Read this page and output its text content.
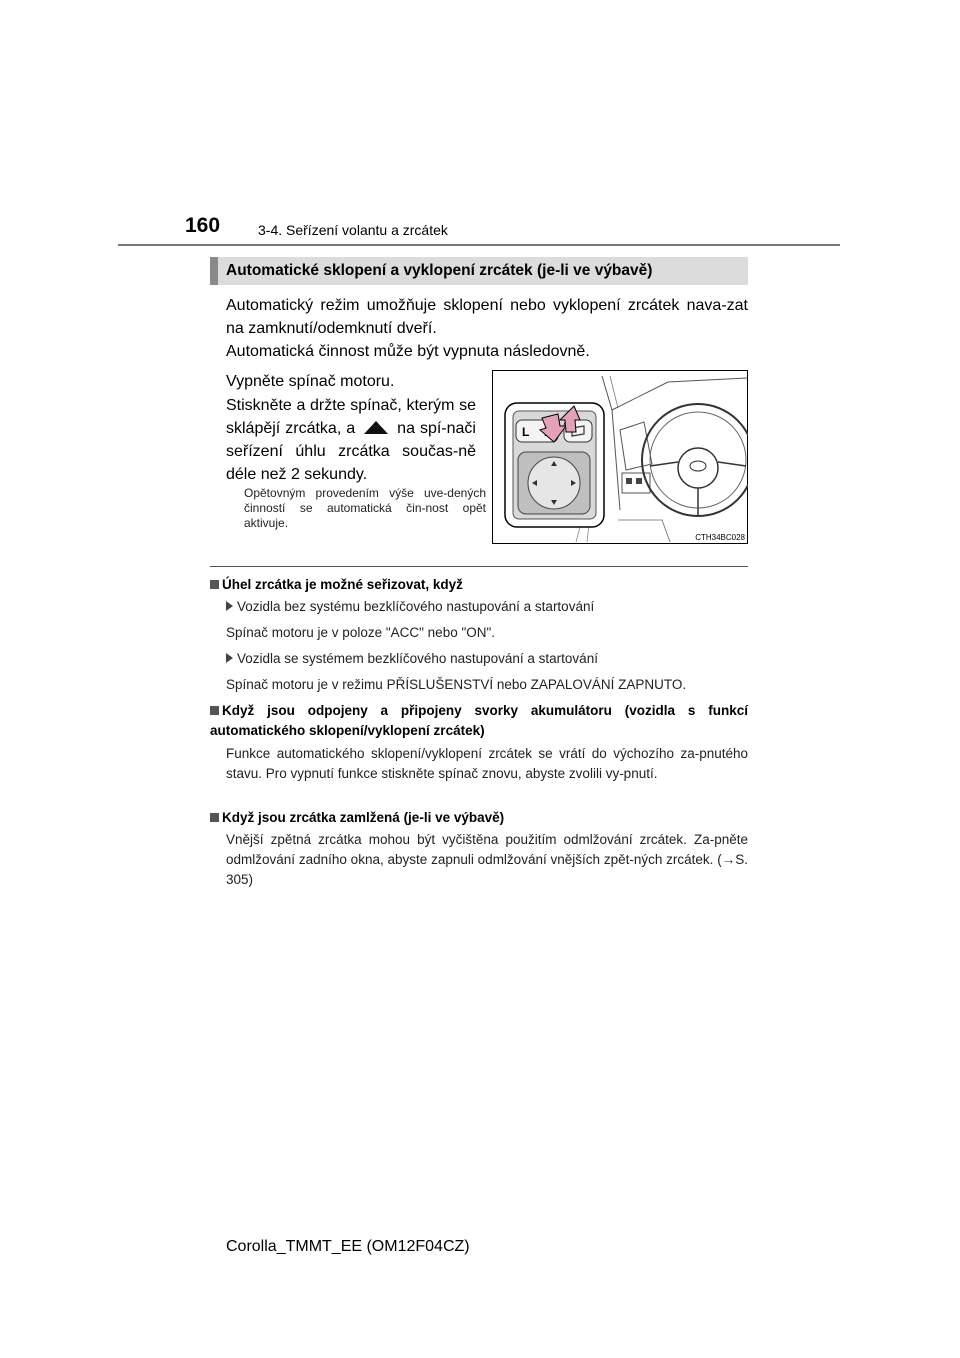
160	3-4. Seřízení volantu a zrcátek
Automatické sklopení a vyklopení zrcátek (je-li ve výbavě)
Automatický režim umožňuje sklopení nebo vyklopení zrcátek nava-zat na zamknutí/odemknutí dveří.
Automatická činnost může být vypnuta následovně.
Vypněte spínač motoru.
Stiskněte a držte spínač, kterým se sklápějí zrcátka, a	na spí-nači seřízení úhlu zrcátka součas-ně déle než 2 sekundy.
Opětovným provedením výše uve-dených činností se automatická čin-nost opět aktivuje.
L
CTH34BC028
Úhel zrcátka je možné seřizovat, když
Vozidla bez systému bezklíčového nastupování a startování
Spínač motoru je v poloze "ACC" nebo "ON".
Vozidla se systémem bezklíčového nastupování a startování
Spínač motoru je v režimu PŘÍSLUŠENSTVÍ nebo ZAPALOVÁNÍ ZAPNUTO.
Když jsou odpojeny a připojeny svorky akumulátoru (vozidla s funkcí automatického sklopení/vyklopení zrcátek)
Funkce automatického sklopení/vyklopení zrcátek se vrátí do výchozího za-pnutého stavu. Pro vypnutí funkce stiskněte spínač znovu, abyste zvolili vy-pnutí.
Když jsou zrcátka zamlžená (je-li ve výbavě)
Vnější zpětná zrcátka mohou být vyčištěna použitím odmlžování zrcátek. Za-pněte odmlžování zadního okna, abyste zapnuli odmlžování vnějších zpět-ných zrcátek. (→S. 305)
Corolla_TMMT_EE (OM12F04CZ)
